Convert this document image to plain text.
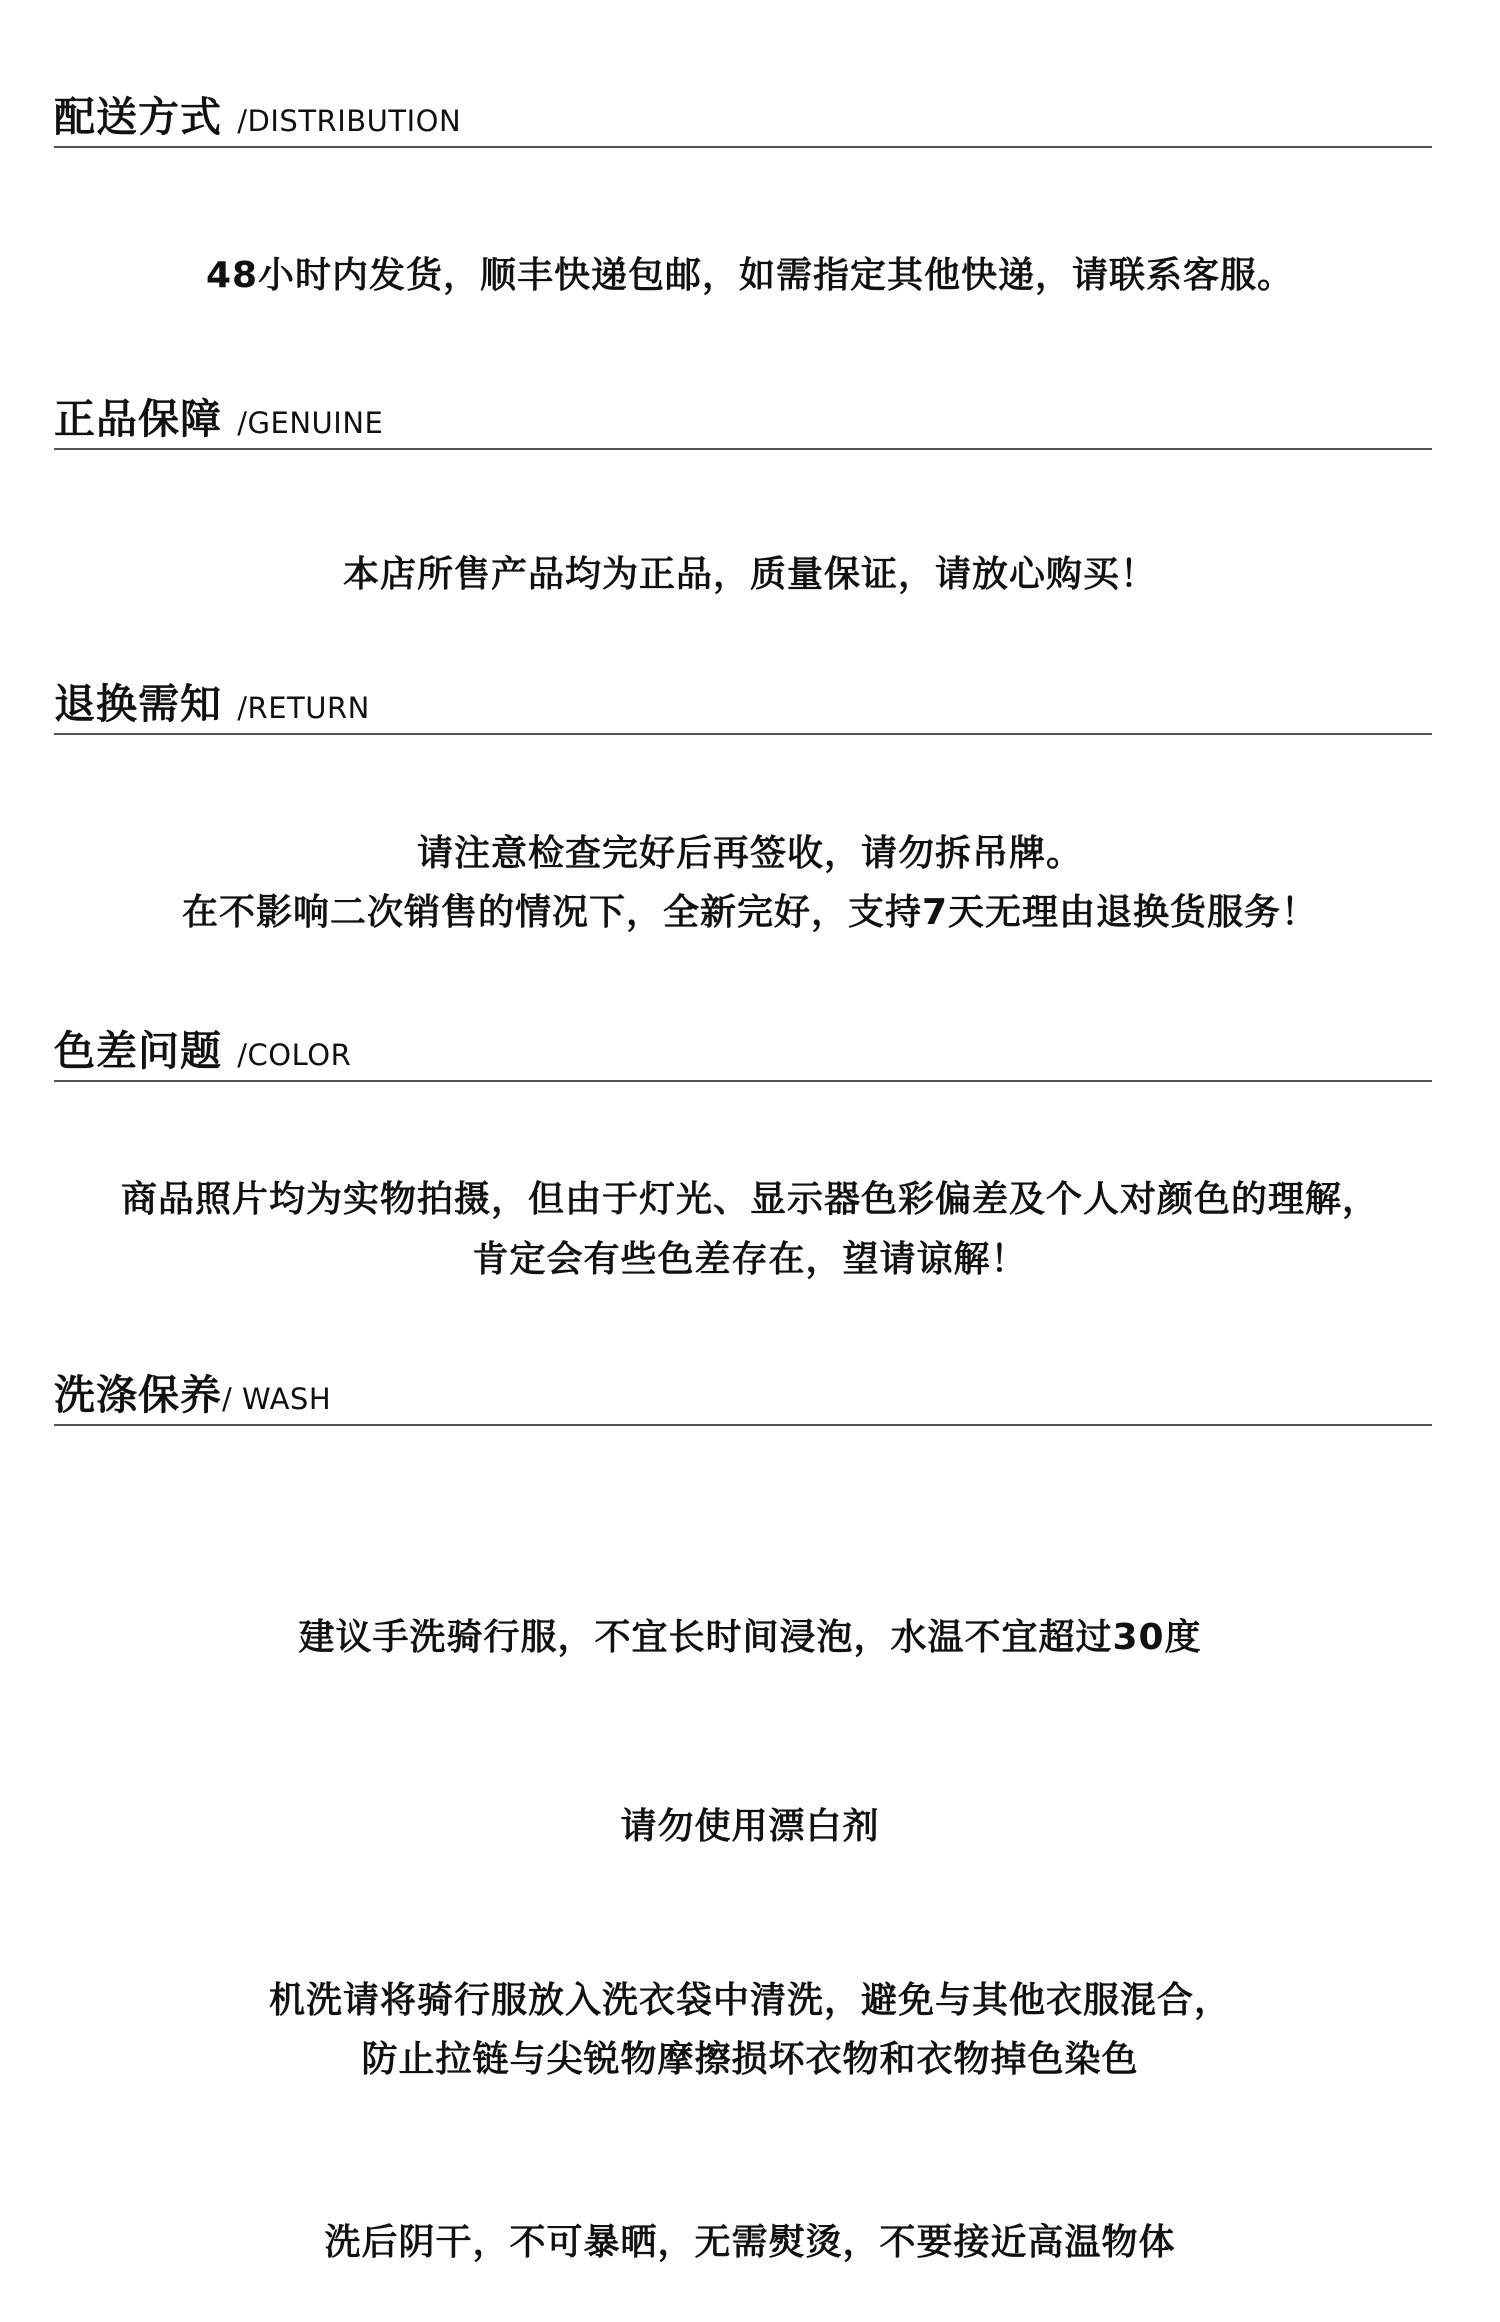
配送方式 /DISTRIBUTION
48小时内发货，顺丰快递包邮，如需指定其他快递，请联系客服。
正品保障 /GENUINE
本店所售产品均为正品，质量保证，请放心购买！
退换需知 /RETURN
请注意检查完好后再签收，请勿拆吊牌。
在不影响二次销售的情况下，全新完好，支持7天无理由退换货服务！
色差问题 /COLOR
商品照片均为实物拍摄，但由于灯光、显示器色彩偏差及个人对颜色的理解，
肯定会有些色差存在，望请谅解！
洗涤保养/ WASH
建议手洗骑行服，不宜长时间浸泡，水温不宜超过30度
请勿使用漂白剂
机洗请将骑行服放入洗衣袋中清洗，避免与其他衣服混合，
防止拉链与尖锐物摩擦损坏衣物和衣物掉色染色
洗后阴干，不可暴晒，无需熨烫，不要接近高温物体
